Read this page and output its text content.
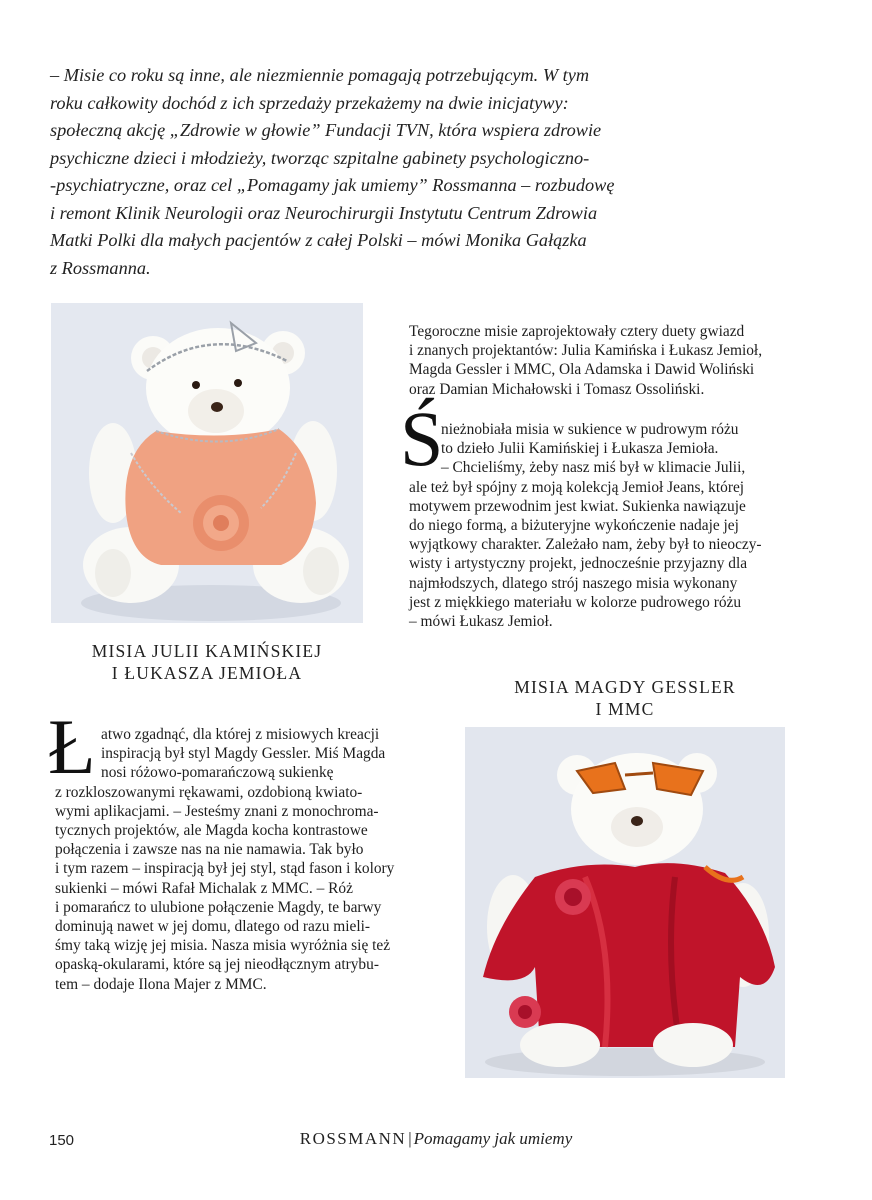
– Misie co roku są inne, ale niezmiennie pomagają potrzebującym. W tym
roku całkowity dochód z ich sprzedaży przekażemy na dwie inicjatywy:
społeczną akcję „Zdrowie w głowie” Fundacji TVN, która wspiera zdrowie
psychiczne dzieci i młodzieży, tworząc szpitalne gabinety psychologiczno-
-psychiatryczne, oraz cel „Pomagamy jak umiemy” Rossmanna – rozbudowę
i remont Klinik Neurologii oraz Neurochirurgii Instytutu Centrum Zdrowia
Matki Polki dla małych pacjentów z całej Polski – mówi Monika Gałązka
z Rossmanna.

MISIA JULII KAMIŃSKIEJ
I ŁUKASZA JEMIOŁA

Tegoroczne misie zaprojektowały cztery duety gwiazd
i znanych projektantów: Julia Kamińska i Łukasz Jemioł,
Magda Gessler i MMC, Ola Adamska i Dawid Woliński
oraz Damian Michałowski i Tomasz Ossoliński.

Ś

nieżnobiała misia w sukience w pudrowym różu
to dzieło Julii Kamińskiej i Łukasza Jemioła.
– Chcieliśmy, żeby nasz miś był w klimacie Julii,
ale też był spójny z moją kolekcją Jemioł Jeans, której
motywem przewodnim jest kwiat. Sukienka nawiązuje
do niego formą, a biżuteryjne wykończenie nadaje jej
wyjątkowy charakter. Zależało nam, żeby był to nieoczy-
wisty i artystyczny projekt, jednocześnie przyjazny dla
najmłodszych, dlatego strój naszego misia wykonany
jest z miękkiego materiału w kolorze pudrowego różu
– mówi Łukasz Jemioł.

MISIA MAGDY GESSLER
I MMC
Ł atwo zgadnąć, dla której z misiowych kreacji
inspiracją był styl Magdy Gessler. Miś Magda
nosi różowo-pomarańczową sukienkę
z rozkloszowanymi rękawami, ozdobioną kwiato-
wymi aplikacjami. – Jesteśmy znani z monochroma-
tycznych projektów, ale Magda kocha kontrastowe
połączenia i zawsze nas na nie namawia. Tak było
i tym razem – inspiracją był jej styl, stąd fason i kolory
sukienki – mówi Rafał Michalak z MMC. – Róż
i pomarańcz to ulubione połączenie Magdy, te barwy
dominują nawet w jej domu, dlatego od razu mieli-
śmy taką wizję jej misia. Nasza misia wyróżnia się też
opaską-okularami, które są jej nieodłącznym atrybu-
tem – dodaje Ilona Majer z MMC.

150	ROSSMANN | Pomagamy jak umiemy
